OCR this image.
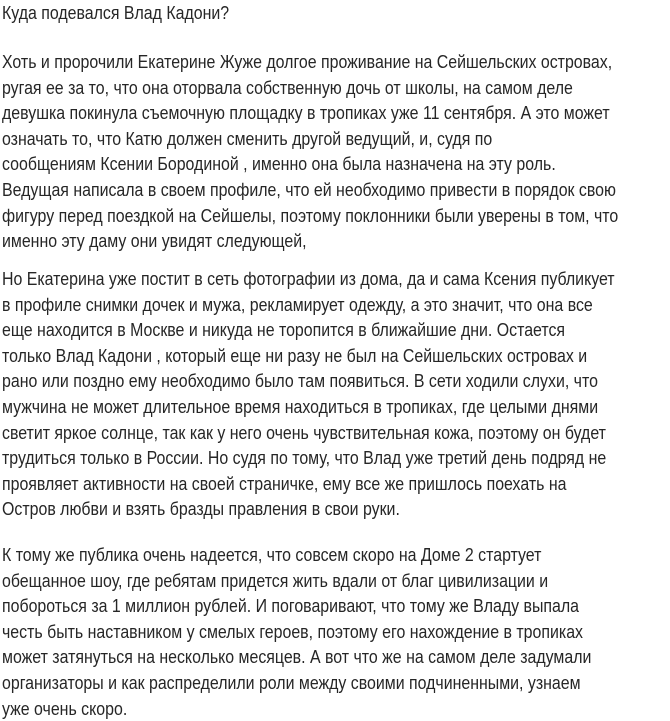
Куда подевался Влад Кадони?
Хоть и пророчили Екатерине Жуже долгое проживание на Сейшельских островах,
ругая ее за то, что она оторвала собственную дочь от школы, на самом деле
девушка покинула съемочную площадку в тропиках уже 11 сентября. А это может
означать то, что Катю должен сменить другой ведущий, и, судя по
сообщениям Ксении Бородиной , именно она была назначена на эту роль.
Ведущая написала в своем профиле, что ей необходимо привести в порядок свою
фигуру перед поездкой на Сейшелы, поэтому поклонники были уверены в том, что
именно эту даму они увидят следующей,
Но Екатерина уже постит в сеть фотографии из дома, да и сама Ксения публикует
в профиле снимки дочек и мужа, рекламирует одежду, а это значит, что она все
еще находится в Москве и никуда не торопится в ближайшие дни. Остается
только Влад Кадони , который еще ни разу не был на Сейшельских островах и
рано или поздно ему необходимо было там появиться. В сети ходили слухи, что
мужчина не может длительное время находиться в тропиках, где целыми днями
светит яркое солнце, так как у него очень чувствительная кожа, поэтому он будет
трудиться только в России. Но судя по тому, что Влад уже третий день подряд не
проявляет активности на своей страничке, ему все же пришлось поехать на
Остров любви и взять бразды правления в свои руки.
К тому же публика очень надеется, что совсем скоро на Доме 2 стартует
обещанное шоу, где ребятам придется жить вдали от благ цивилизации и
побороться за 1 миллион рублей. И поговаривают, что тому же Владу выпала
честь быть наставником у смелых героев, поэтому его нахождение в тропиках
может затянуться на несколько месяцев. А вот что же на самом деле задумали
организаторы и как распределили роли между своими подчиненными, узнаем
уже очень скоро.
